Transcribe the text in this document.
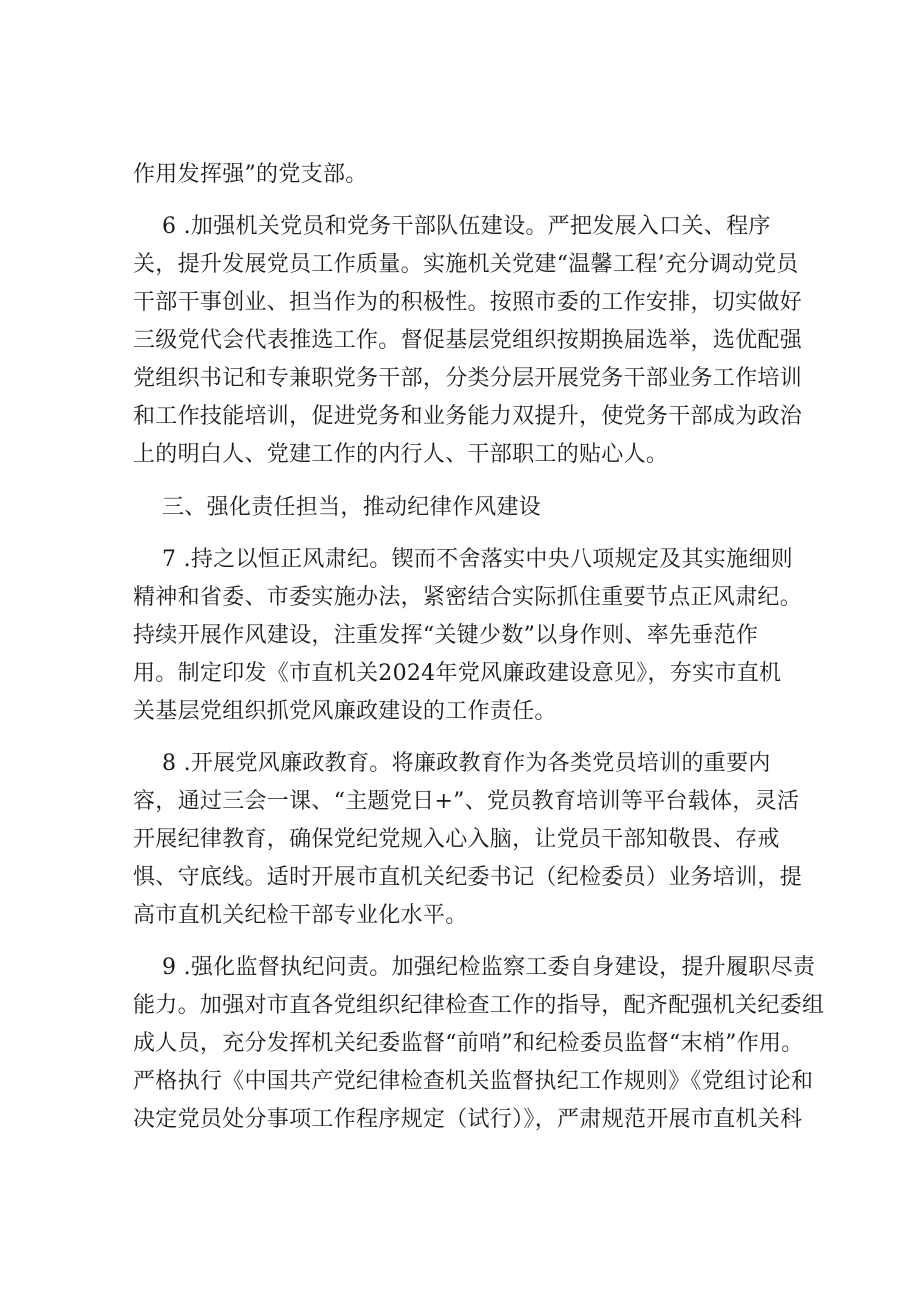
作用发挥强”的党支部。
6 .加强机关党员和党务干部队伍建设。严把发展入口关、程序
关，提升发展党员工作质量。实施机关党建“温馨工程’充分调动党员
干部干事创业、担当作为的积极性。按照市委的工作安排，切实做好
三级党代会代表推选工作。督促基层党组织按期换届选举，选优配强
党组织书记和专兼职党务干部，分类分层开展党务干部业务工作培训
和工作技能培训，促进党务和业务能力双提升，使党务干部成为政治
上的明白人、党建工作的内行人、干部职工的贴心人。
三、强化责任担当，推动纪律作风建设
7 .持之以恒正风肃纪。锲而不舍落实中央八项规定及其实施细则
精神和省委、市委实施办法，紧密结合实际抓住重要节点正风肃纪。
持续开展作风建设，注重发挥“关键少数”以身作则、率先垂范作
用。制定印发《市直机关2024年党风廉政建设意见》，夯实市直机
关基层党组织抓党风廉政建设的工作责任。
8 .开展党风廉政教育。将廉政教育作为各类党员培训的重要内
容，通过三会一课、“主题党日+”、党员教育培训等平台载体，灵活
开展纪律教育，确保党纪党规入心入脑，让党员干部知敬畏、存戒
惧、守底线。适时开展市直机关纪委书记（纪检委员）业务培训，提
高市直机关纪检干部专业化水平。
9 .强化监督执纪问责。加强纪检监察工委自身建设，提升履职尽责
能力。加强对市直各党组织纪律检查工作的指导，配齐配强机关纪委组
成人员，充分发挥机关纪委监督“前哨”和纪检委员监督“末梢”作用。
严格执行《中国共产党纪律检查机关监督执纪工作规则》《党组讨论和
决定党员处分事项工作程序规定（试行）》，严肃规范开展市直机关科
